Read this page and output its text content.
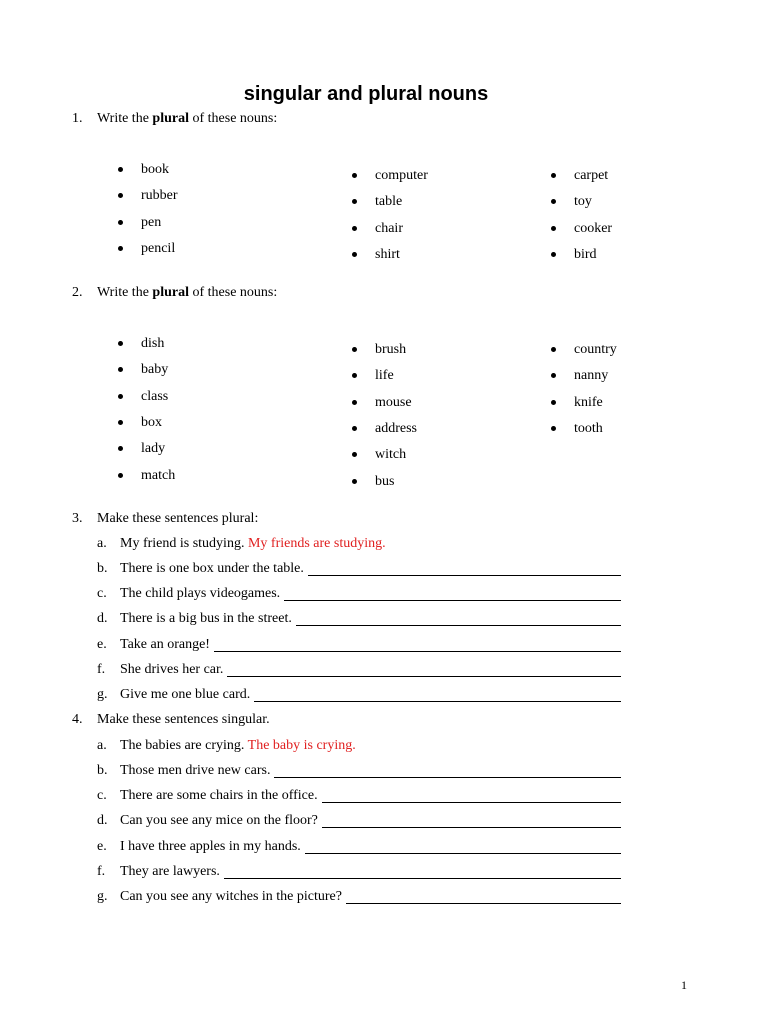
singular and plural nouns
1. Write the plural of these nouns:
book
rubber
pen
pencil
computer
table
chair
shirt
carpet
toy
cooker
bird
2. Write the plural of these nouns:
dish
baby
class
box
lady
match
brush
life
mouse
address
witch
bus
country
nanny
knife
tooth
3. Make these sentences plural:
a. My friend is studying. My friends are studying.
b. There is one box under the table.
c. The child plays videogames.
d. There is a big bus in the street.
e. Take an orange!
f. She drives her car.
g. Give me one blue card.
4. Make these sentences singular.
a. The babies are crying. The baby is crying.
b. Those men drive new cars.
c. There are some chairs in the office.
d. Can you see any mice on the floor?
e. I have three apples in my hands.
f. They are lawyers.
g. Can you see any witches in the picture?
1
